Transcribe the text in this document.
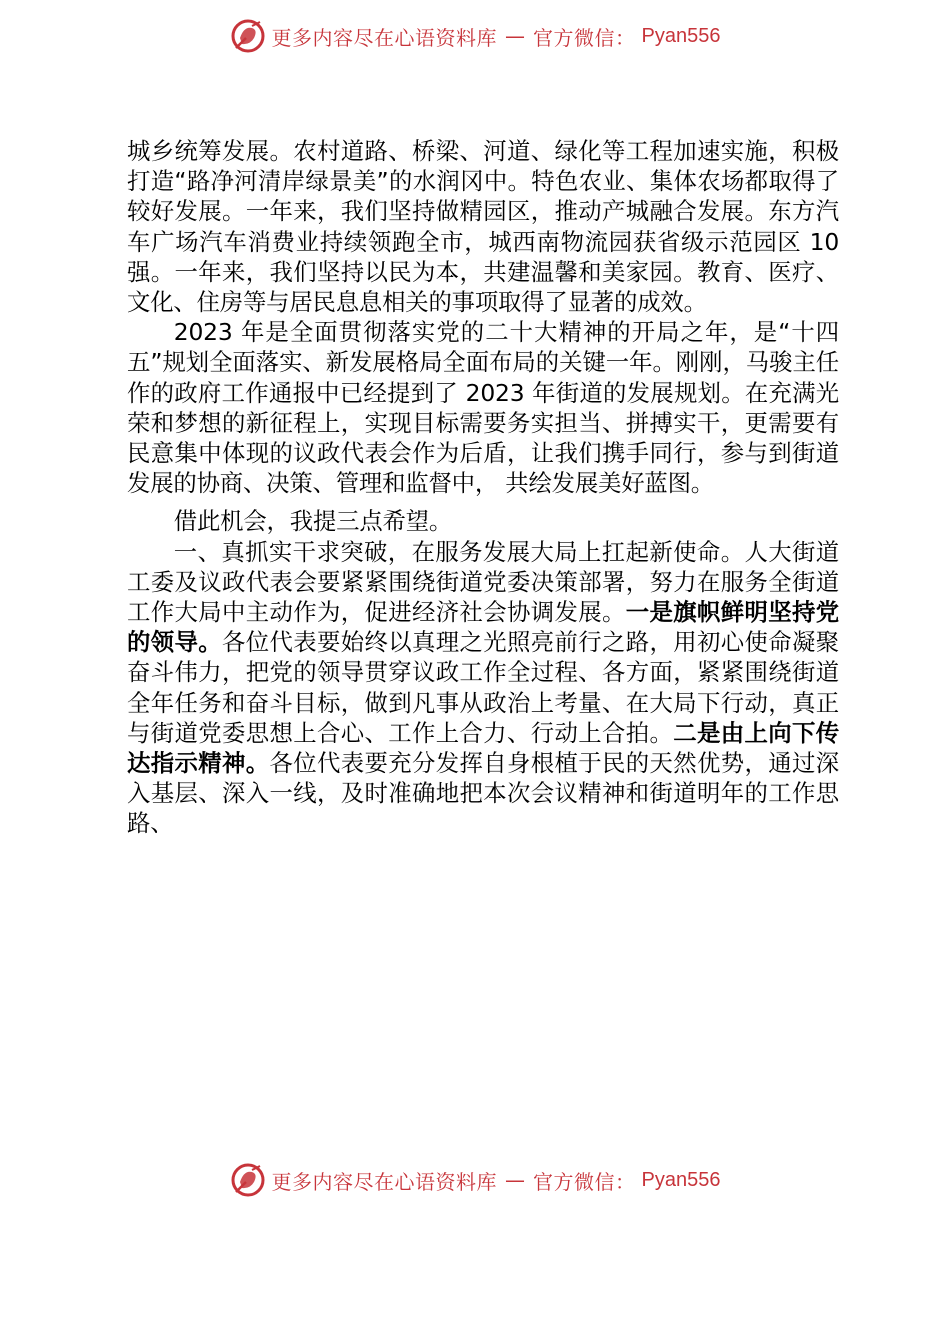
更多内容尽在心语资料库 — 官方微信： Pyan556

城乡统筹发展。农村道路、桥梁、河道、绿化等工程加速实施，积极打造“路净河清岸绿景美”的水润冈中。特色农业、集体农场都取得了较好发展。一年来，我们坚持做精园区，推动产城融合发展。东方汽车广场汽车消费业持续领跑全市，城西南物流园获省级示范园区 10 强。一年来，我们坚持以民为本，共建温馨和美家园。教育、医疗、文化、住房等与居民息息相关的事项取得了显著的成效。

2023 年是全面贯彻落实党的二十大精神的开局之年，是“十四五”规划全面落实、新发展格局全面布局的关键一年。刚刚，马骏主任作的政府工作通报中已经提到了 2023 年街道的发展规划。在充满光荣和梦想的新征程上，实现目标需要务实担当、拼搏实干，更需要有民意集中体现的议政代表会作为后盾，让我们携手同行，参与到街道发展的协商、决策、管理和监督中， 共绘发展美好蓝图。

借此机会，我提三点希望。

一、真抓实干求突破，在服务发展大局上扛起新使命。人大街道工委及议政代表会要紧紧围绕街道党委决策部署，努力在服务全街道工作大局中主动作为，促进经济社会协调发展。一是旗帜鲜明坚持党的领导。各位代表要始终以真理之光照亮前行之路，用初心使命凝聚奋斗伟力，把党的领导贯穿议政工作全过程、各方面，紧紧围绕街道全年任务和奋斗目标，做到凡事从政治上考量、在大局下行动，真正与街道党委思想上合心、工作上合力、行动上合拍。二是由上向下传达指示精神。各位代表要充分发挥自身根植于民的天然优势，通过深入基层、深入一线，及时准确地把本次会议精神和街道明年的工作思路、

更多内容尽在心语资料库 — 官方微信： Pyan556
